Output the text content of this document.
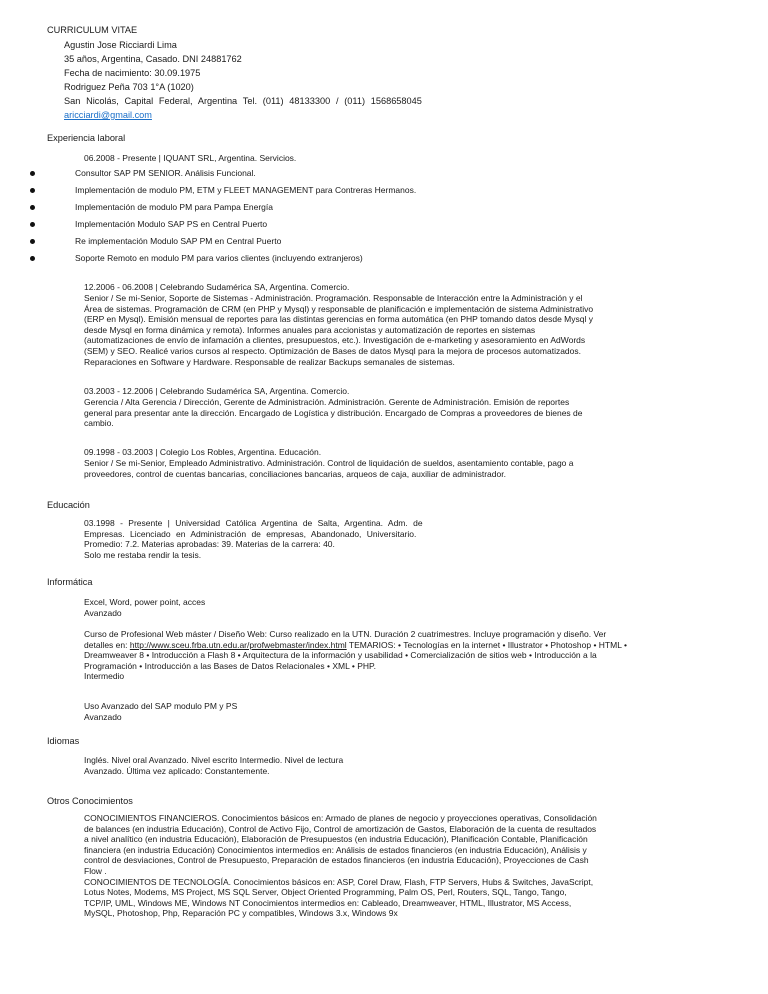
CURRICULUM VITAE
Agustin Jose Ricciardi Lima
35 años, Argentina, Casado. DNI 24881762
Fecha de nacimiento: 30.09.1975
Rodriguez Peña 703 1°A (1020)
San Nicolás, Capital Federal, Argentina Tel. (011) 48133300 / (011) 1568658045
aricciardi@gmail.com
Experiencia laboral
06.2008 - Presente | IQUANT SRL, Argentina. Servicios.
Consultor SAP PM SENIOR. Análisis Funcional.
Implementación de modulo PM, ETM y FLEET MANAGEMENT para Contreras Hermanos.
Implementación de modulo PM para Pampa Energía
Implementación Modulo SAP PS en Central Puerto
Re implementación Modulo SAP PM en Central Puerto
Soporte Remoto en modulo PM para varios clientes (incluyendo extranjeros)
12.2006 - 06.2008 | Celebrando Sudamérica SA, Argentina. Comercio.
Senior / Se mi-Senior, Soporte de Sistemas - Administración. Programación. Responsable de Interacción entre la Administración y el
Área de sistemas. Programación de CRM (en PHP y Mysql) y responsable de planificación e implementación de sistema Administrativo
(ERP en Mysql). Emisión mensual de reportes para las distintas gerencias en forma automática (en PHP tomando datos desde Mysql y
desde Mysql en forma dinámica y remota). Informes anuales para accionistas y automatización de reportes en sistemas
(automatizaciones de envío de infamación a clientes, presupuestos, etc.). Investigación de e-marketing y asesoramiento en AdWords
(SEM) y SEO. Realicé varios cursos al respecto. Optimización de Bases de datos Mysql para la mejora de procesos automatizados.
Reparaciones en Software y Hardware. Responsable de realizar Backups semanales de sistemas.
03.2003 - 12.2006 | Celebrando Sudamérica SA, Argentina. Comercio.
Gerencia / Alta Gerencia / Dirección, Gerente de Administración. Administración. Gerente de Administración. Emisión de reportes
general para presentar ante la dirección. Encargado de Logística y distribución. Encargado de Compras a proveedores de bienes de
cambio.
09.1998 - 03.2003 | Colegio Los Robles, Argentina. Educación.
Senior / Se mi-Senior, Empleado Administrativo. Administración. Control de liquidación de sueldos, asentamiento contable, pago a
proveedores, control de cuentas bancarias, conciliaciones bancarias, arqueos de caja, auxiliar de administrador.
Educación
03.1998 - Presente | Universidad Católica Argentina de Salta, Argentina. Adm. de
Empresas. Licenciado en Administración de empresas, Abandonado, Universitario.
Promedio: 7.2. Materias aprobadas: 39. Materias de la carrera: 40.
Solo me restaba rendir la tesis.
Informática
Excel, Word, power point, acces
Avanzado
Curso de Profesional Web máster / Diseño Web: Curso realizado en la UTN. Duración 2 cuatrimestres. Incluye programación y diseño. Ver
detalles en: http://www.sceu.frba.utn.edu.ar/profwebmaster/index.html TEMARIOS: • Tecnologías en la internet • Illustrator • Photoshop • HTML •
Dreamweaver 8 • Introducción a Flash 8 • Arquitectura de la información y usabilidad • Comercialización de sitios web • Introducción a la
Programación • Introducción a las Bases de Datos Relacionales • XML • PHP.
Intermedio
Uso Avanzado del SAP modulo PM y PS
Avanzado
Idiomas
Inglés. Nivel oral Avanzado. Nivel escrito Intermedio. Nivel de lectura
Avanzado. Última vez aplicado: Constantemente.
Otros Conocimientos
CONOCIMIENTOS FINANCIEROS. Conocimientos básicos en: Armado de planes de negocio y proyecciones operativas, Consolidación
de balances (en industria Educación), Control de Activo Fijo, Control de amortización de Gastos, Elaboración de la cuenta de resultados
a nivel analítico (en industria Educación), Elaboración de Presupuestos (en industria Educación), Planificación Contable, Planificación
financiera (en industria Educación) Conocimientos intermedios en: Análisis de estados financieros (en industria Educación), Análisis y
control de desviaciones, Control de Presupuesto, Preparación de estados financieros (en industria Educación), Proyecciones de Cash
Flow .
CONOCIMIENTOS DE TECNOLOGÍA. Conocimientos básicos en: ASP, Corel Draw, Flash, FTP Servers, Hubs & Switches, JavaScript,
Lotus Notes, Modems, MS Project, MS SQL Server, Object Oriented Programming, Palm OS, Perl, Routers, SQL, Tango, Tango,
TCP/IP, UML, Windows ME, Windows NT Conocimientos intermedios en: Cableado, Dreamweaver, HTML, Illustrator, MS Access,
MySQL, Photoshop, Php, Reparación PC y compatibles, Windows 3.x, Windows 9x
